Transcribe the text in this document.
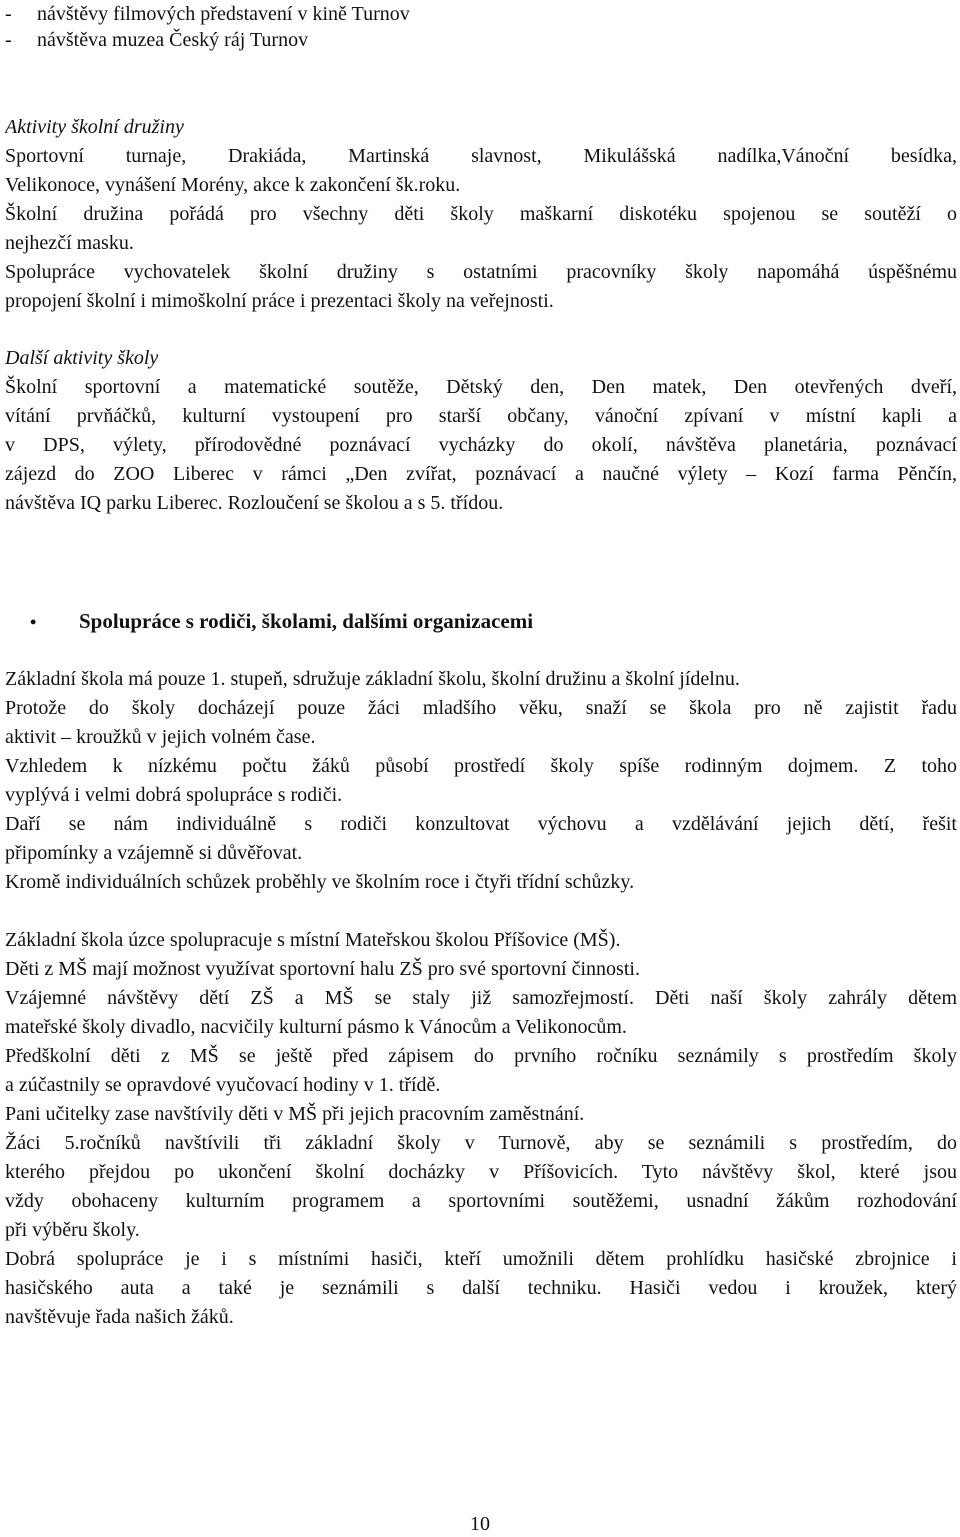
- návštěvy filmových představení v kině Turnov
- návštěva muzea Český ráj Turnov
Aktivity školní družiny
Sportovní turnaje, Drakiáda, Martinská slavnost, Mikulášská nadílka,Vánoční besídka,
Velikonoce, vynášení Morény, akce k zakončení šk.roku.
Školní družina pořádá pro všechny děti školy maškarní diskotéku spojenou se soutěží o
nejhezčí masku.
Spolupráce vychovatelek školní družiny s ostatními pracovníky školy napomáhá úspěšnému
propojení školní i mimoškolní práce i prezentaci školy na veřejnosti.
Další aktivity školy
Školní sportovní a matematické soutěže, Dětský den, Den matek, Den otevřených dveří,
vítání prvňáčků, kulturní vystoupení pro starší občany, vánoční zpívaní v místní kapli a
v DPS, výlety, přírodovědné poznávací vycházky do okolí, návštěva planetária, poznávací
zájezd do ZOO Liberec v rámci „Den zvířat, poznávací a naučné výlety – Kozí farma Pěnčín,
návštěva IQ parku Liberec. Rozloučení se školou a s 5. třídou.
• Spolupráce s rodiči, školami, dalšími organizacemi
Základní škola má pouze 1. stupeň, sdružuje základní školu, školní družinu a školní jídelnu.
Protože do školy docházejí pouze žáci mladšího věku, snaží se škola pro ně zajistit řadu
aktivit – kroužků v jejich volném čase.
Vzhledem k nízkému počtu žáků působí prostředí školy spíše rodinným dojmem. Z toho
vyplývá i velmi dobrá spolupráce s rodiči.
Daří se nám individuálně s rodiči konzultovat výchovu a vzdělávání jejich dětí, řešit
připomínky a vzájemně si důvěřovat.
Kromě individuálních schůzek proběhly ve školním roce i čtyři třídní schůzky.
Základní škola úzce spolupracuje s místní Mateřskou školou Příšovice (MŠ).
Děti z MŠ mají možnost využívat sportovní halu ZŠ pro své sportovní činnosti.
Vzájemné návštěvy dětí ZŠ a MŠ se staly již samozřejmostí. Děti naší školy zahrály dětem
mateřské školy divadlo, nacvičily kulturní pásmo k Vánocům a Velikonocům.
Předškolní děti z MŠ se ještě před zápisem do prvního ročníku seznámily s prostředím školy
a zúčastnily se opravdové vyučovací hodiny v 1. třídě.
Pani učitelky zase navštívily děti v MŠ při jejich pracovním zaměstnání.
Žáci 5.ročníků navštívili tři základní školy v Turnově, aby se seznámili s prostředím, do
kterého přejdou po ukončení školní docházky v Příšovicích. Tyto návštěvy škol, které jsou
vždy obohaceny kulturním programem a sportovními soutěžemi, usnadní žákům rozhodování
při výběru školy.
Dobrá spolupráce je i s místními hasiči, kteří umožnili dětem prohlídku hasičské zbrojnice i
hasičského auta a také je seznámili s další techniku. Hasiči vedou i kroužek, který
navštěvuje řada našich žáků.
10
